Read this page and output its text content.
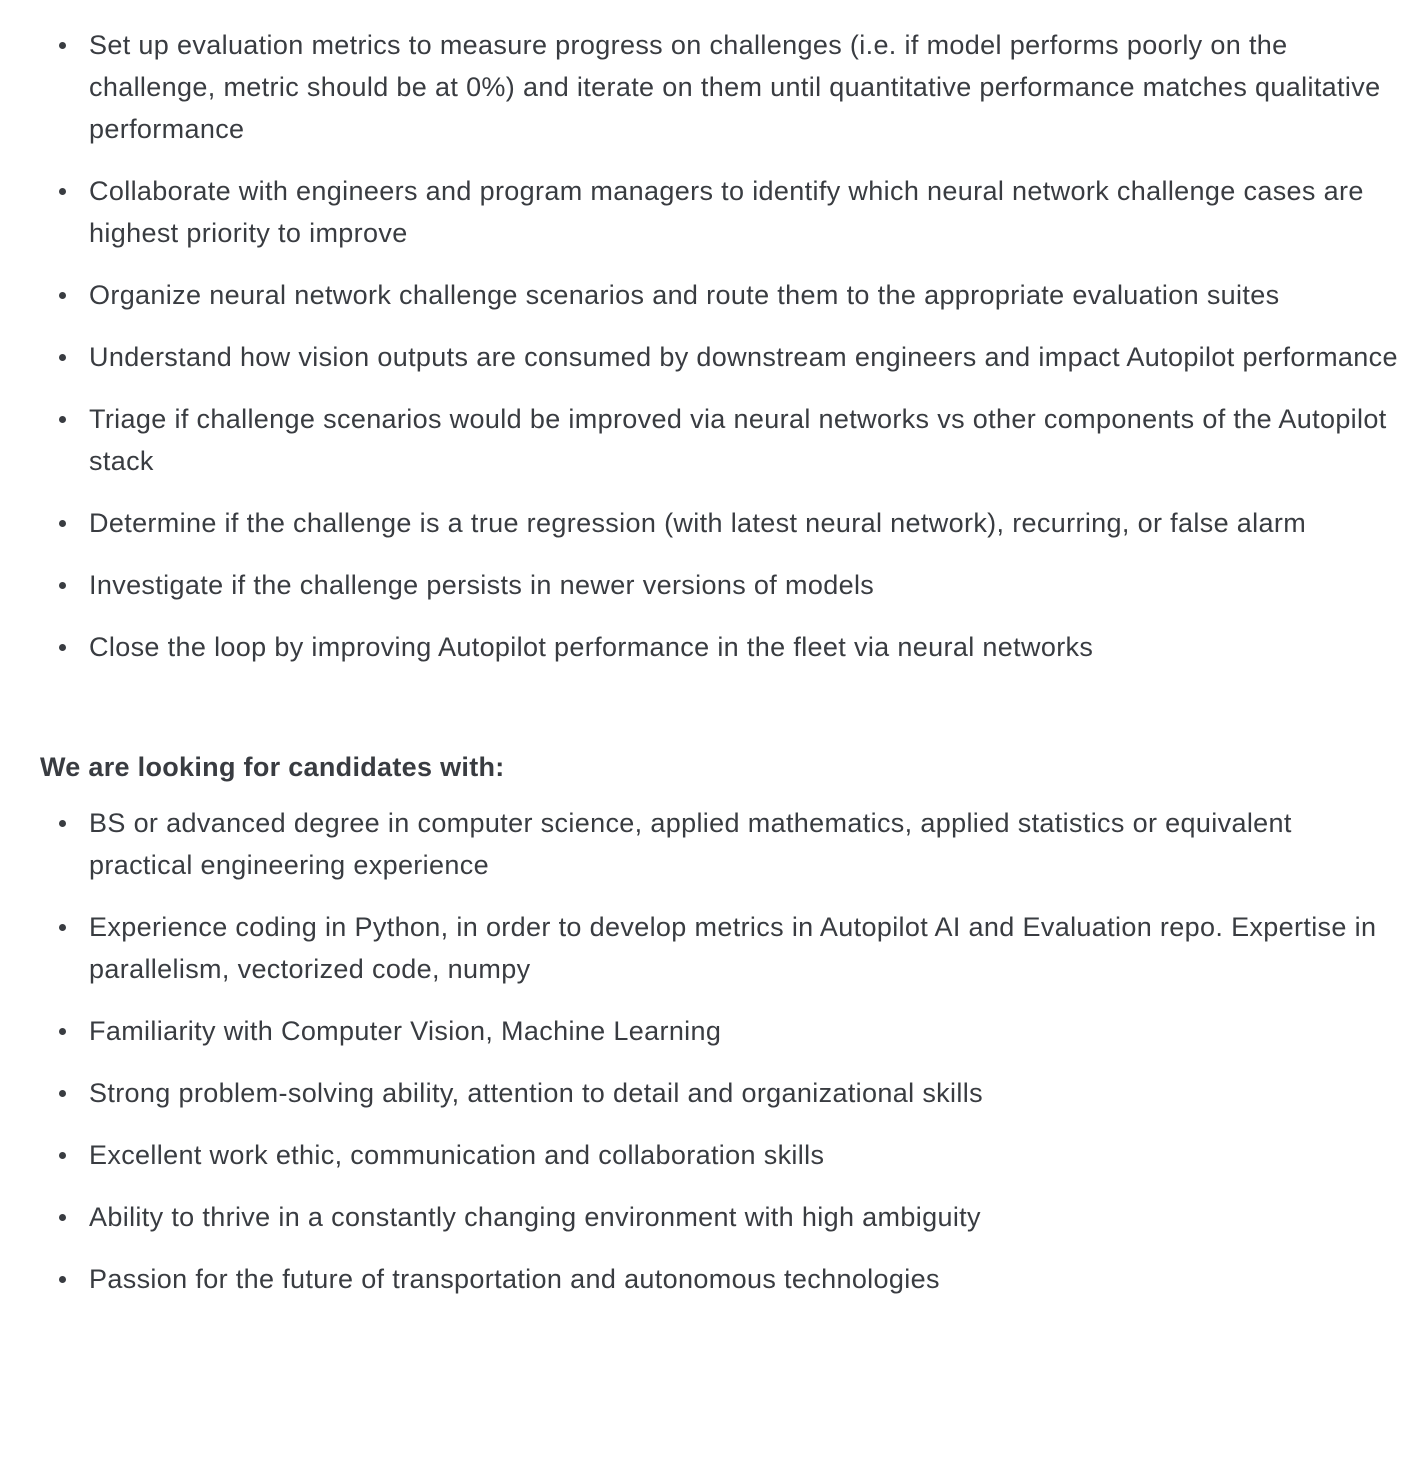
Set up evaluation metrics to measure progress on challenges (i.e. if model performs poorly on the challenge, metric should be at 0%) and iterate on them until quantitative performance matches qualitative performance
Collaborate with engineers and program managers to identify which neural network challenge cases are highest priority to improve
Organize neural network challenge scenarios and route them to the appropriate evaluation suites
Understand how vision outputs are consumed by downstream engineers and impact Autopilot performance
Triage if challenge scenarios would be improved via neural networks vs other components of the Autopilot stack
Determine if the challenge is a true regression (with latest neural network), recurring, or false alarm
Investigate if the challenge persists in newer versions of models
Close the loop by improving Autopilot performance in the fleet via neural networks
We are looking for candidates with:
BS or advanced degree in computer science, applied mathematics, applied statistics or equivalent practical engineering experience
Experience coding in Python, in order to develop metrics in Autopilot AI and Evaluation repo. Expertise in parallelism, vectorized code, numpy
Familiarity with Computer Vision, Machine Learning
Strong problem-solving ability, attention to detail and organizational skills
Excellent work ethic, communication and collaboration skills
Ability to thrive in a constantly changing environment with high ambiguity
Passion for the future of transportation and autonomous technologies
